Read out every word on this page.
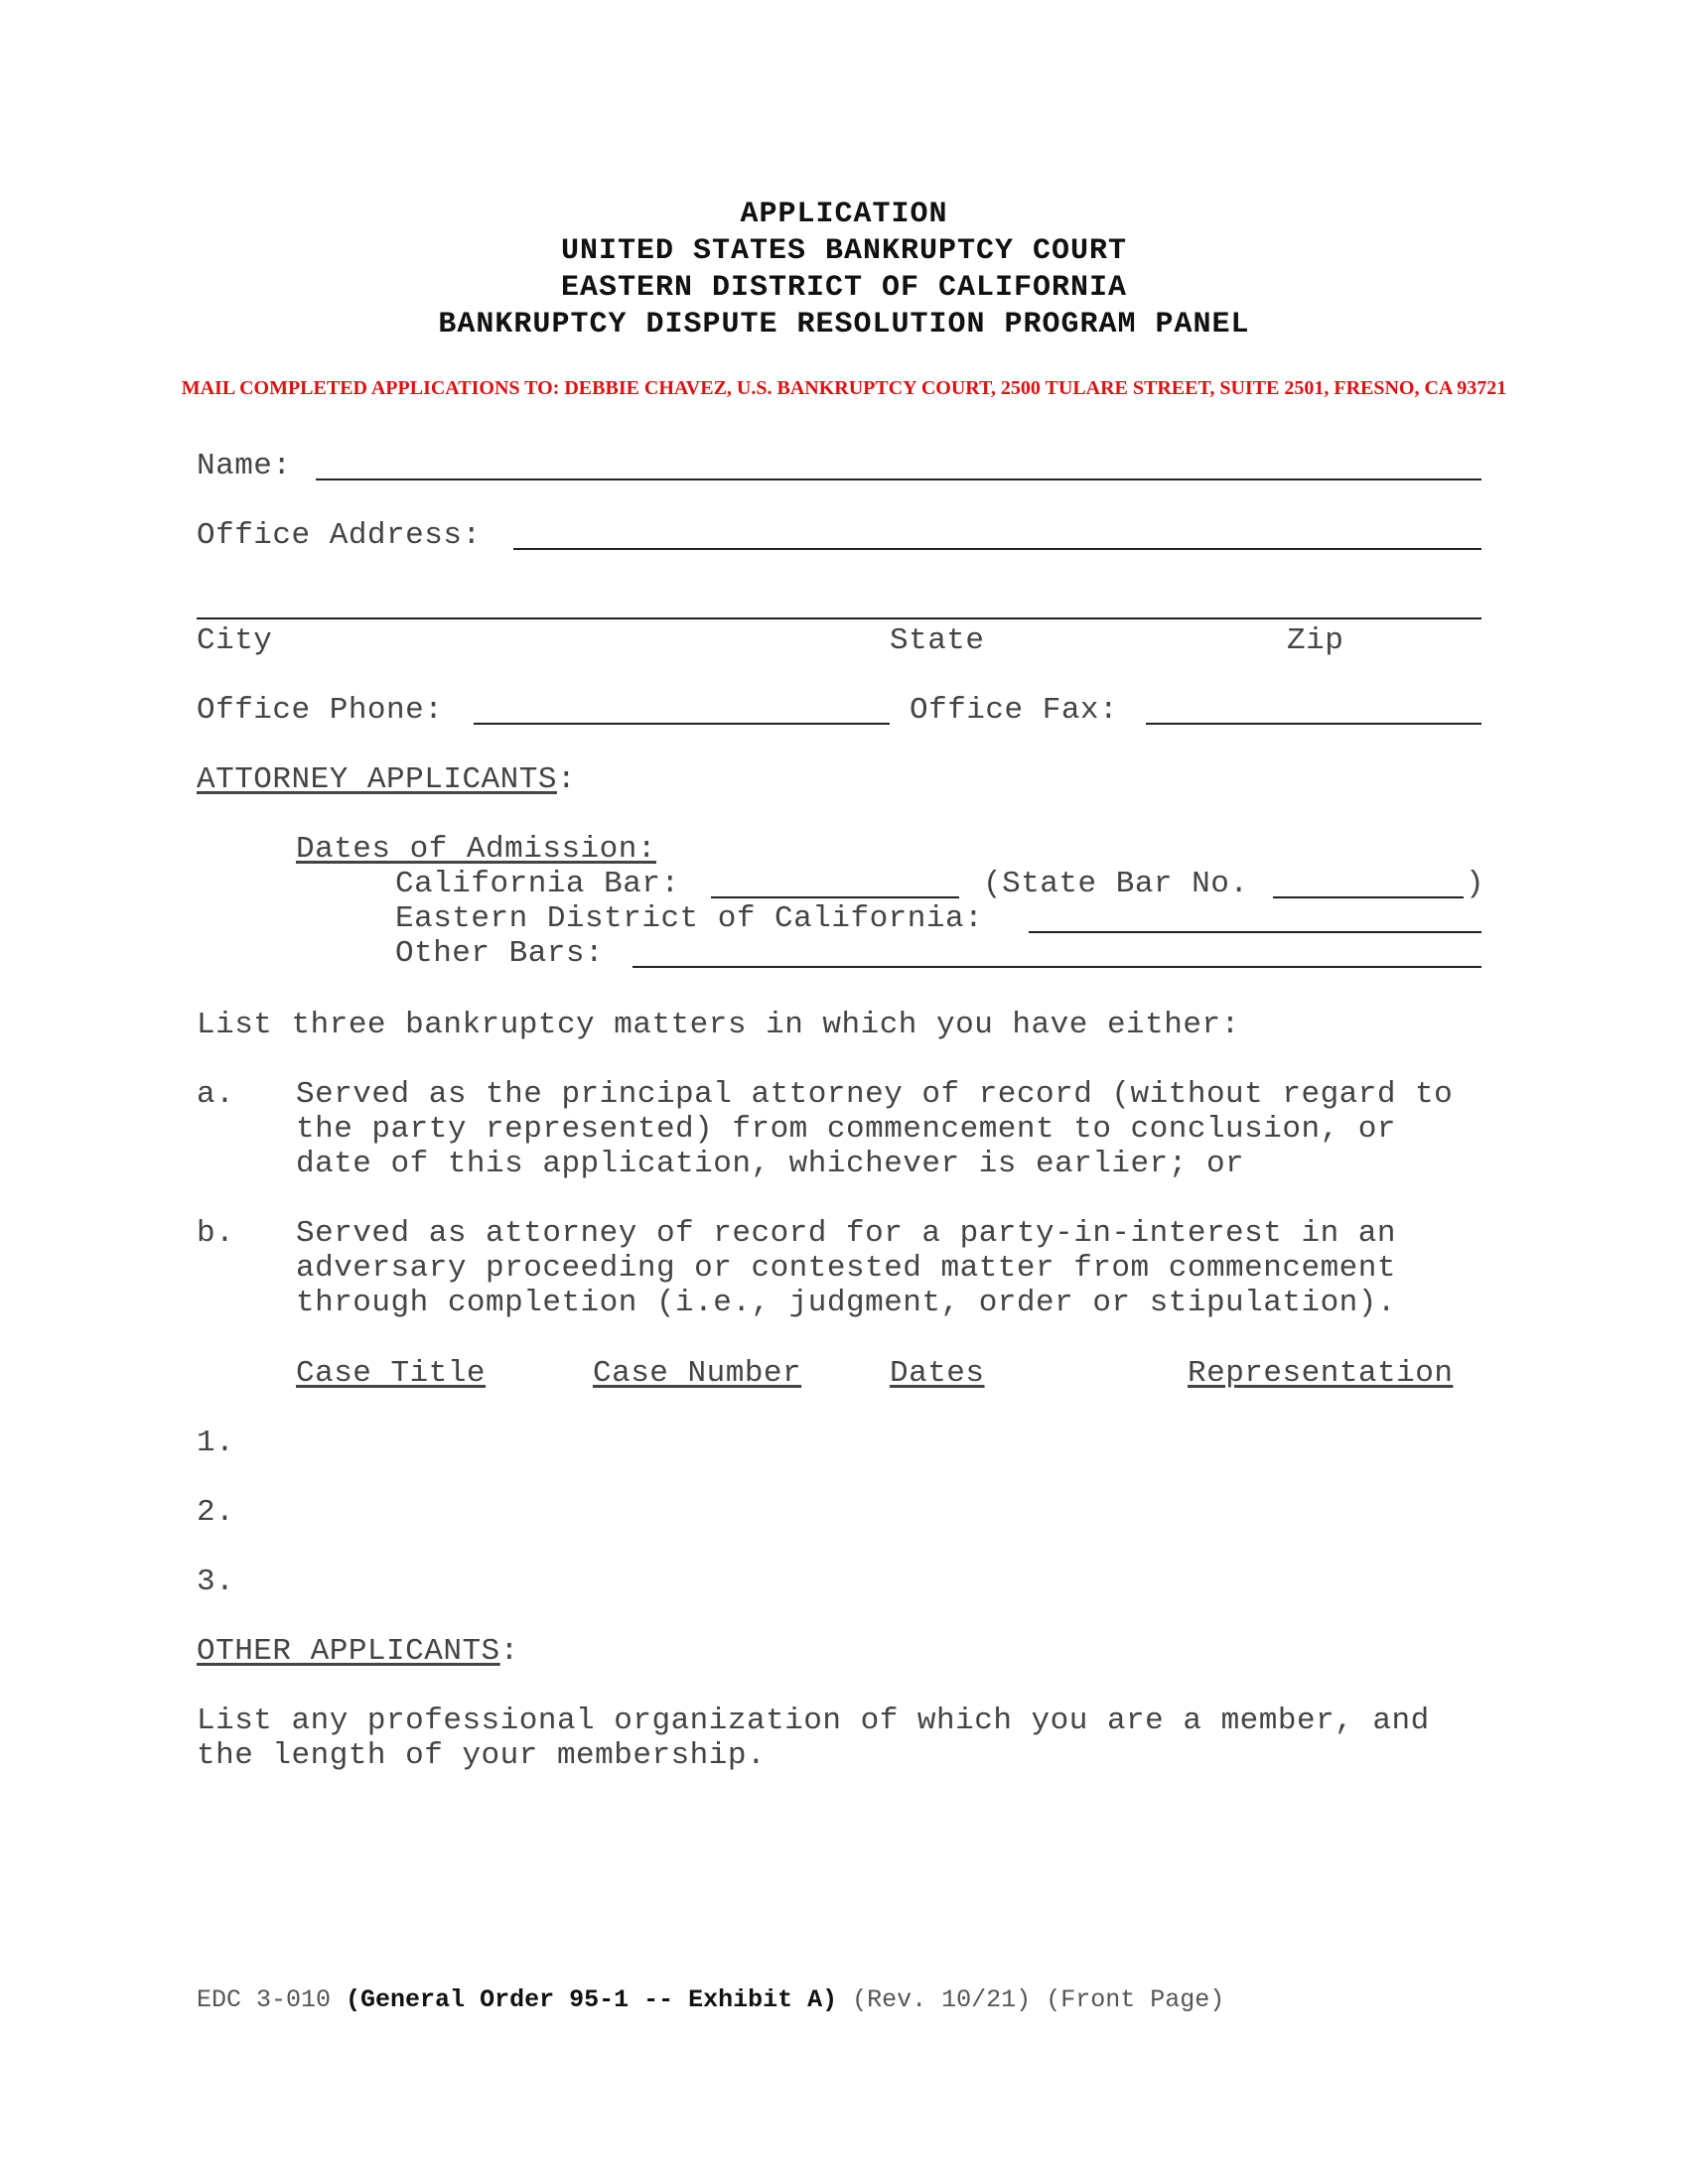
APPLICATION
UNITED STATES BANKRUPTCY COURT
EASTERN DISTRICT OF CALIFORNIA
BANKRUPTCY DISPUTE RESOLUTION PROGRAM PANEL
MAIL COMPLETED APPLICATIONS TO: DEBBIE CHAVEZ, U.S. BANKRUPTCY COURT, 2500 TULARE STREET, SUITE 2501, FRESNO, CA 93721
Name:
Office Address:
City	State	Zip
Office Phone:	Office Fax:
ATTORNEY APPLICANTS:
Dates of Admission:
California Bar:	(State Bar No.	)
Eastern District of California:
Other Bars:
List three bankruptcy matters in which you have either:
a. Served as the principal attorney of record (without regard to
the party represented) from commencement to conclusion, or
date of this application, whichever is earlier; or
b. Served as attorney of record for a party-in-interest in an
adversary proceeding or contested matter from commencement
through completion (i.e., judgment, order or stipulation).
Case Title	Case Number	Dates	Representation
1.
2.
3.
OTHER APPLICANTS:
List any professional organization of which you are a member, and
the length of your membership.
EDC 3-010 (General Order 95-1 -- Exhibit A) (Rev. 10/21) (Front Page)
